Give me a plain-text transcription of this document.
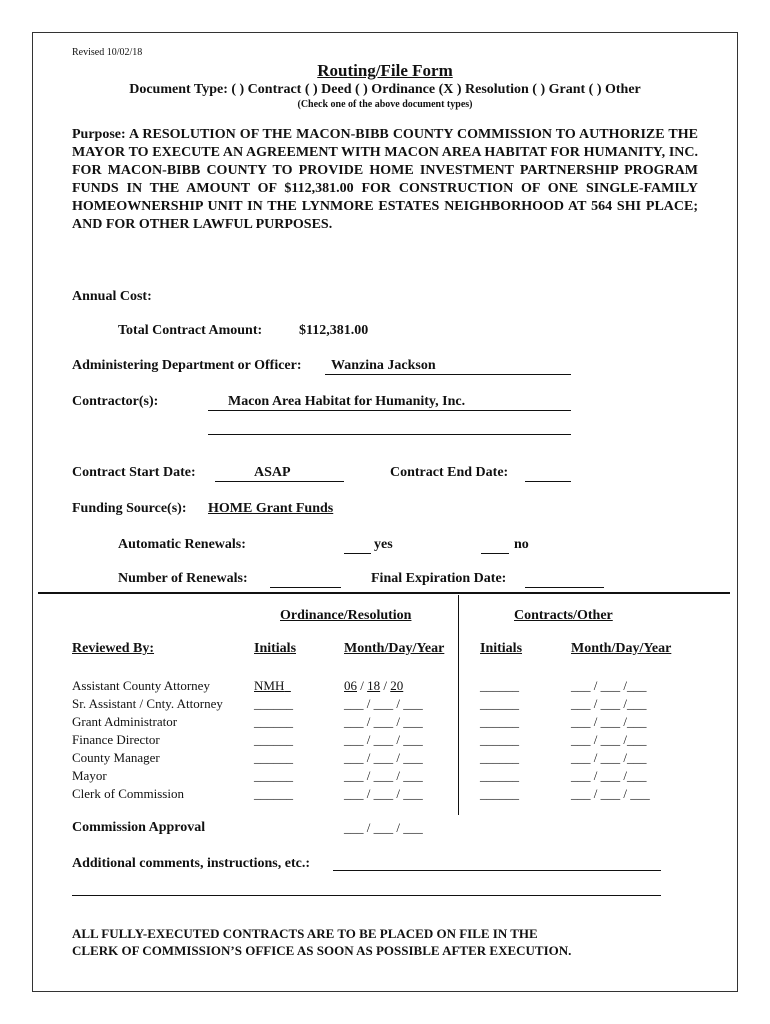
Revised 10/02/18
Routing/File Form
Document Type: ( ) Contract ( ) Deed ( ) Ordinance (X ) Resolution ( ) Grant ( ) Other
(Check one of the above document types)
Purpose: A RESOLUTION OF THE MACON-BIBB COUNTY COMMISSION TO AUTHORIZE THE MAYOR TO EXECUTE AN AGREEMENT WITH MACON AREA HABITAT FOR HUMANITY, INC. FOR MACON-BIBB COUNTY TO PROVIDE HOME INVESTMENT PARTNERSHIP PROGRAM FUNDS IN THE AMOUNT OF $112,381.00 FOR CONSTRUCTION OF ONE SINGLE-FAMILY HOMEOWNERSHIP UNIT IN THE LYNMORE ESTATES NEIGHBORHOOD AT 564 SHI PLACE; AND FOR OTHER LAWFUL PURPOSES.
Annual Cost:
Total Contract Amount:	$112,381.00
Administering Department or Officer: Wanzina Jackson
Contractor(s):	Macon Area Habitat for Humanity, Inc.
Contract Start Date:	ASAP	Contract End Date:
Funding Source(s): HOME Grant Funds
Automatic Renewals:	yes	no
Number of Renewals:	Final Expiration Date:
Ordinance/Resolution	Contracts/Other
Reviewed By:	Initials	Month/Day/Year	Initials	Month/Day/Year
Assistant County Attorney	NMH	06 / 18 / 20	______	___ / ___ /___
Sr. Assistant / Cnty. Attorney ______	___ / ___ / ___	______	___ / ___ /___
Grant Administrator	______	___ / ___ / ___	______	___ / ___ /___
Finance Director	______	___ / ___ / ___	______	___ / ___ /___
County Manager	______	___ / ___ / ___	______	___ / ___ /___
Mayor	______	___ / ___ / ___	______	___ / ___ /___
Clerk of Commission	______	___ / ___ / ___	______	___ / ___ / ___
Commission Approval	___ / ___ / ___
Additional comments, instructions, etc.:
ALL FULLY-EXECUTED CONTRACTS ARE TO BE PLACED ON FILE IN THE
CLERK OF COMMISSION’S OFFICE AS SOON AS POSSIBLE AFTER EXECUTION.
